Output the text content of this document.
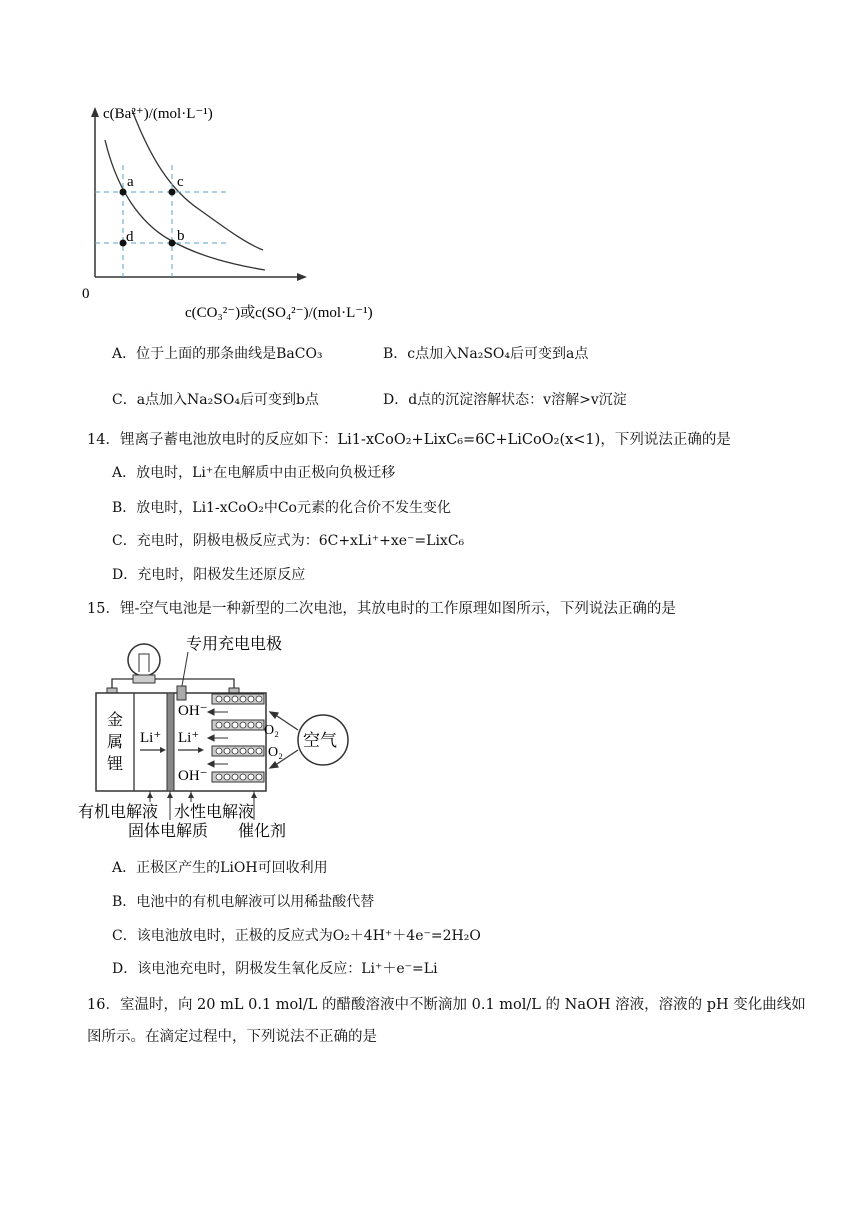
a	c
d	b
c(Ba²⁺)/(mol·L⁻¹)
0
c(CO₃²⁻)或c(SO₄²⁻)/(mol·L⁻¹)
A．位于上面的那条曲线是BaCO₃	B．c点加入Na₂SO₄后可变到a点
C．a点加入Na₂SO₄后可变到b点	D．d点的沉淀溶解状态：v溶解>v沉淀
14．锂离子蓄电池放电时的反应如下：Li1-xCoO₂+LixC₆=6C+LiCoO₂(x<1)，下列说法正确的是
A．放电时，Li⁺在电解质中由正极向负极迁移
B．放电时，Li1-xCoO₂中Co元素的化合价不发生变化
C．充电时，阴极电极反应式为：6C+xLi⁺+xe⁻=LixC₆
D．充电时，阳极发生还原反应
15．锂-空气电池是一种新型的二次电池，其放电时的工作原理如图所示，下列说法正确的是
专用充电电极
金
属
锂
Li⁺ Li⁺
OH⁻
OH⁻
O₂
O₂
空气
有机电解液 水性电解液
固体电解质 催化剂
A．正极区产生的LiOH可回收利用
B．电池中的有机电解液可以用稀盐酸代替
C．该电池放电时，正极的反应式为O₂＋4H⁺＋4e⁻=2H₂O
D．该电池充电时，阴极发生氧化反应：Li⁺＋e⁻=Li
16．室温时，向 20 mL 0.1 mol/L 的醋酸溶液中不断滴加 0.1 mol/L 的 NaOH 溶液，溶液的 pH 变化曲线如
图所示。在滴定过程中，下列说法不正确的是
